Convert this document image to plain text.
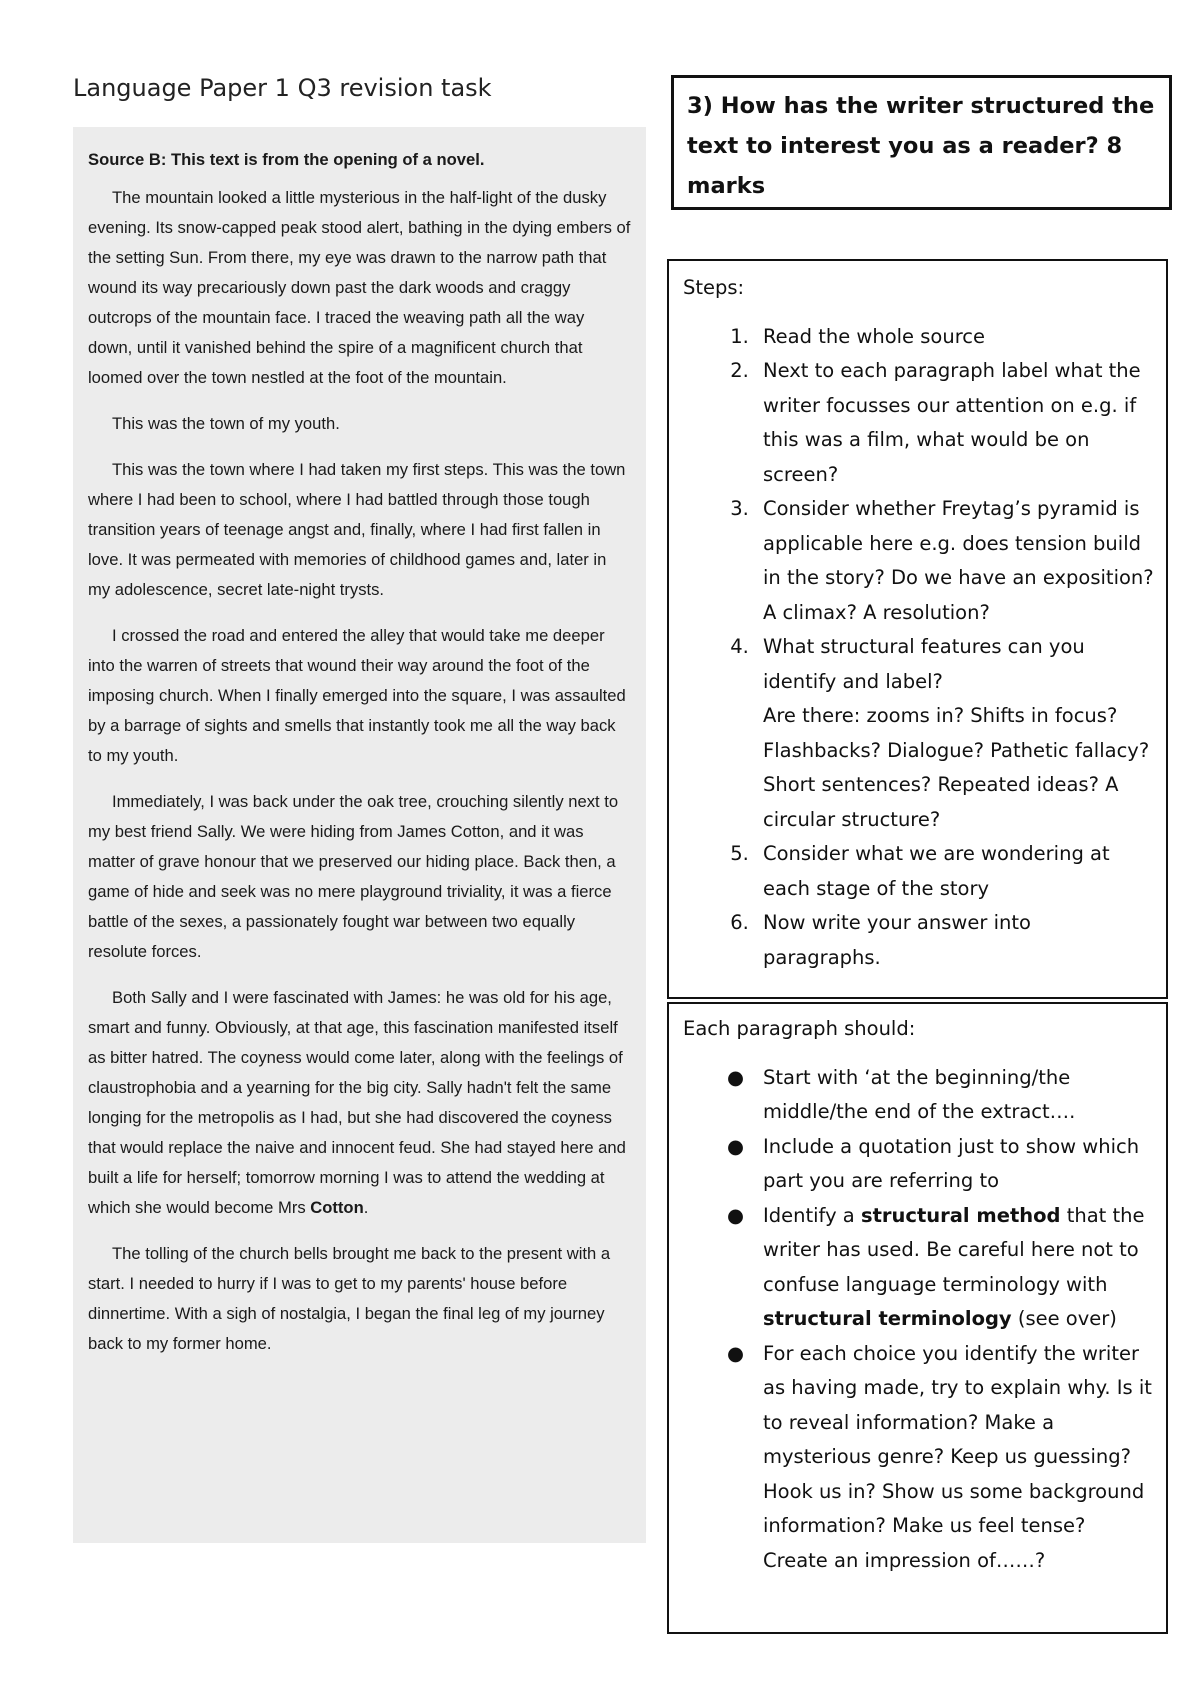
Language Paper 1 Q3 revision task

Source B: This text is from the opening of a novel.

The mountain looked a little mysterious in the half-light of the dusky evening. Its snow-capped peak stood alert, bathing in the dying embers of the setting Sun. From there, my eye was drawn to the narrow path that wound its way precariously down past the dark woods and craggy outcrops of the mountain face. I traced the weaving path all the way down, until it vanished behind the spire of a magnificent church that loomed over the town nestled at the foot of the mountain.

This was the town of my youth.

This was the town where I had taken my first steps. This was the town where I had been to school, where I had battled through those tough transition years of teenage angst and, finally, where I had first fallen in love. It was permeated with memories of childhood games and, later in my adolescence, secret late-night trysts.

I crossed the road and entered the alley that would take me deeper into the warren of streets that wound their way around the foot of the imposing church. When I finally emerged into the square, I was assaulted by a barrage of sights and smells that instantly took me all the way back to my youth.

Immediately, I was back under the oak tree, crouching silently next to my best friend Sally. We were hiding from James Cotton, and it was matter of grave honour that we preserved our hiding place. Back then, a game of hide and seek was no mere playground triviality, it was a fierce battle of the sexes, a passionately fought war between two equally resolute forces.

Both Sally and I were fascinated with James: he was old for his age, smart and funny. Obviously, at that age, this fascination manifested itself as bitter hatred. The coyness would come later, along with the feelings of claustrophobia and a yearning for the big city. Sally hadn't felt the same longing for the metropolis as I had, but she had discovered the coyness that would replace the naive and innocent feud. She had stayed here and built a life for herself; tomorrow morning I was to attend the wedding at which she would become Mrs Cotton.

The tolling of the church bells brought me back to the present with a start. I needed to hurry if I was to get to my parents' house before dinnertime. With a sigh of nostalgia, I began the final leg of my journey back to my former home.

3) How has the writer structured the text to interest you as a reader? 8 marks

Steps:

1. Read the whole source
2. Next to each paragraph label what the writer focusses our attention on e.g. if this was a film, what would be on screen?
3. Consider whether Freytag’s pyramid is applicable here e.g. does tension build in the story? Do we have an exposition? A climax? A resolution?
4. What structural features can you identify and label?
Are there: zooms in? Shifts in focus? Flashbacks? Dialogue? Pathetic fallacy? Short sentences? Repeated ideas? A circular structure?
5. Consider what we are wondering at each stage of the story
6. Now write your answer into paragraphs.

Each paragraph should:

● Start with ‘at the beginning/the middle/the end of the extract….
● Include a quotation just to show which part you are referring to
● Identify a structural method that the writer has used. Be careful here not to confuse language terminology with structural terminology (see over)
● For each choice you identify the writer as having made, try to explain why. Is it to reveal information? Make a mysterious genre? Keep us guessing? Hook us in? Show us some background information? Make us feel tense? Create an impression of……?
